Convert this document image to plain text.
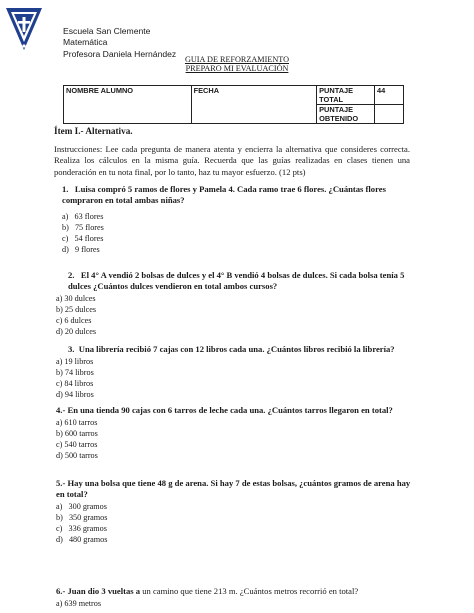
Escuela San Clemente
Matemática
Profesora Daniela Hernández
GUIA DE REFORZAMIENTO
PREPARO MI EVALUACIÓN
NOMBRE ALUMNO	FECHA	PUNTAJE TOTAL	44
		PUNTAJE OBTENIDO	
Ítem I.- Alternativa.
Instrucciones: Lee cada pregunta de manera atenta y encierra la alternativa que consideres correcta. Realiza los cálculos en la misma guía. Recuerda que las guías realizadas en clases tienen una ponderación en tu nota final, por lo tanto, haz tu mayor esfuerzo. (12 pts)
1. Luisa compró 5 ramos de flores y Pamela 4. Cada ramo trae 6 flores. ¿Cuántas flores compraron en total ambas niñas?
a)   63 flores
b)   75 flores
c)   54 flores
d)   9 flores
2. El 4° A vendió 2 bolsas de dulces y el 4° B vendió 4 bolsas de dulces. Si cada bolsa tenía 5 dulces ¿Cuántos dulces vendieron en total ambos cursos?
a) 30 dulces
b) 25 dulces
c) 6 dulces
d) 20 dulces
3. Una librería recibió 7 cajas con 12 libros cada una. ¿Cuántos libros recibió la librería?
a) 19 libros
b) 74 libros
c) 84 libros
d) 94 libros
4.- En una tienda 90 cajas con 6 tarros de leche cada una. ¿Cuántos tarros llegaron en total?
a) 610 tarros
b) 600 tarros
c) 540 tarros
d) 500 tarros
5.- Hay una bolsa que tiene 48 g de arena. Si hay 7 de estas bolsas, ¿cuántos gramos de arena hay en total?
a)   300 gramos
b)   350 gramos
c)   336 gramos
d)   480 gramos
6.- Juan dio 3 vueltas a un camino que tiene 213 m. ¿Cuántos metros recorrió en total?
a) 639 metros
